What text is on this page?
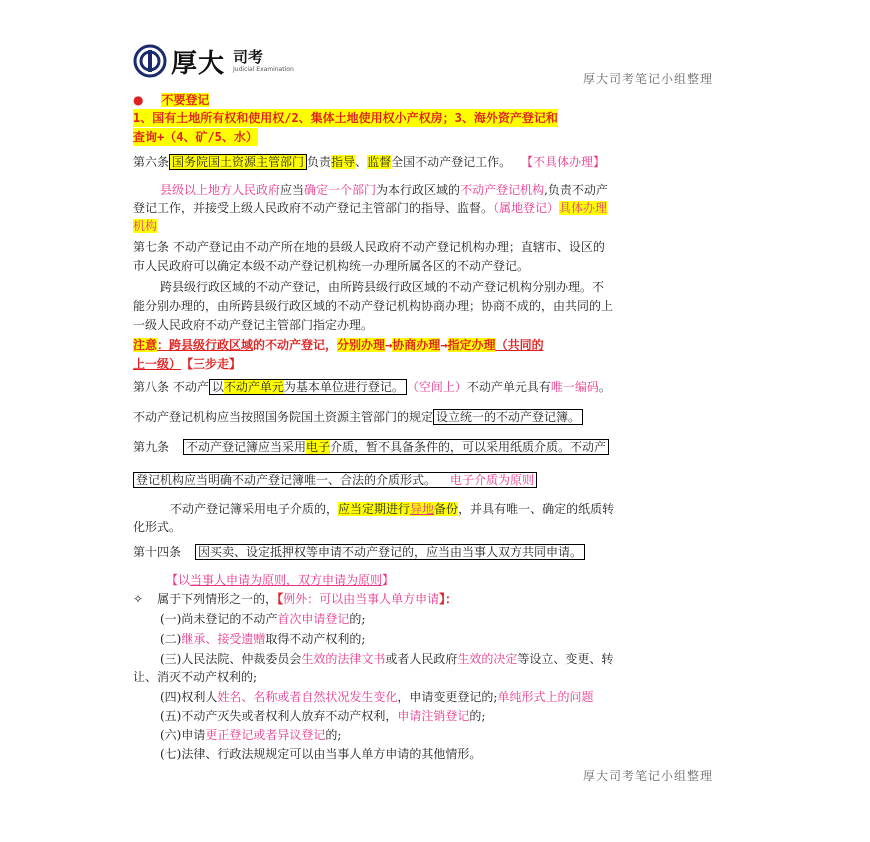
厚大 司考
Judicial Examination
厚大司考笔记小组整理
● 不要登记
1、国有土地所有权和使用权/2、集体土地使用权小产权房；3、海外资产登记和
查询+（4、矿/5、水）
第六条 国务院国土资源主管部门 负责指导、监督全国不动产登记工作。 【不具体办理】
县级以上地方人民政府应当确定一个部门为本行政区域的不动产登记机构,负责不动产
登记工作，并接受上级人民政府不动产登记主管部门的指导、监督。（属地登记）具体办理
机构
第七条 不动产登记由不动产所在地的县级人民政府不动产登记机构办理；直辖市、设区的
市人民政府可以确定本级不动产登记机构统一办理所属各区的不动产登记。
跨县级行政区域的不动产登记，由所跨县级行政区域的不动产登记机构分别办理。不
能分别办理的，由所跨县级行政区域的不动产登记机构协商办理；协商不成的，由共同的上
一级人民政府不动产登记主管部门指定办理。
注意：跨县级行政区域的不动产登记，分别办理→协商办理→指定办理（共同的
上一级） 【三步走】
第八条 不动产 以不动产单元为基本单位进行登记。 （空间上）不动产单元具有唯一编码。
不动产登记机构应当按照国务院国土资源主管部门的规定 设立统一的不动产登记簿。
第九条 不动产登记簿应当采用电子介质，暂不具备条件的，可以采用纸质介质。不动产
登记机构应当明确不动产登记簿唯一、合法的介质形式。 电子介质为原则
不动产登记簿采用电子介质的，应当定期进行异地备份，并具有唯一、确定的纸质转
化形式。
第十四条 因买卖、设定抵押权等申请不动产登记的，应当由当事人双方共同申请。
【以当事人申请为原则，双方申请为原则】
✧ 属于下列情形之一的，【例外：可以由当事人单方申请】：
(一)尚未登记的不动产首次申请登记的;
(二)继承、接受遗赠取得不动产权利的;
(三)人民法院、仲裁委员会生效的法律文书或者人民政府生效的决定等设立、变更、转
让、消灭不动产权利的;
(四)权利人姓名、名称或者自然状况发生变化，申请变更登记的;单纯形式上的问题
(五)不动产灭失或者权利人放弃不动产权利，申请注销登记的;
(六)申请更正登记或者异议登记的;
(七)法律、行政法规规定可以由当事人单方申请的其他情形。
厚大司考笔记小组整理
